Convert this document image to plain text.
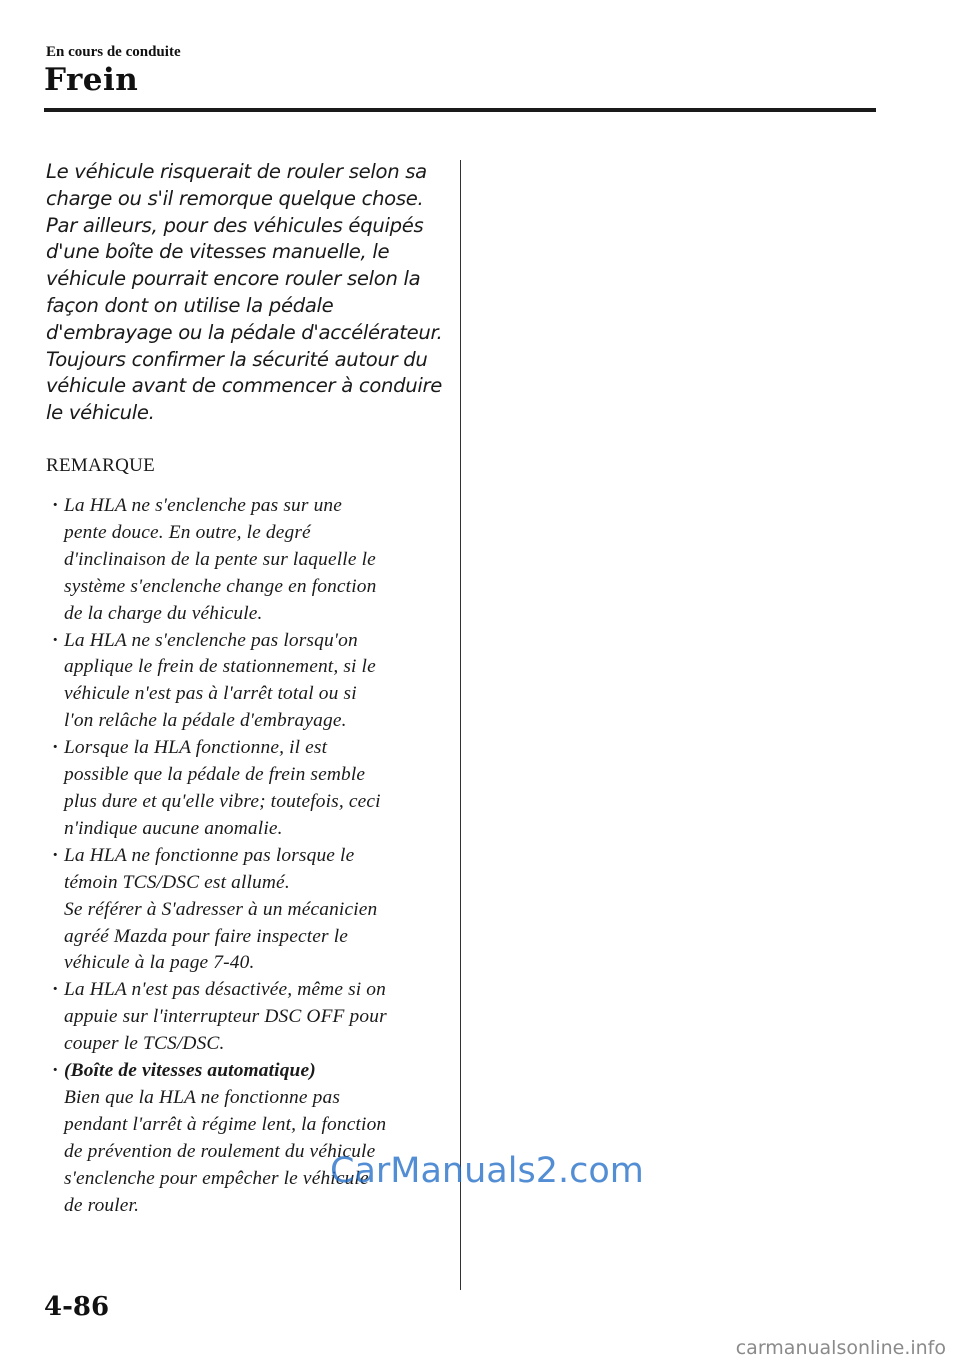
En cours de conduite
Frein

Le véhicule risquerait de rouler selon sa charge ou s'il remorque quelque chose. Par ailleurs, pour des véhicules équipés d'une boîte de vitesses manuelle, le véhicule pourrait encore rouler selon la façon dont on utilise la pédale d'embrayage ou la pédale d'accélérateur.

Toujours confirmer la sécurité autour du véhicule avant de commencer à conduire le véhicule.

REMARQUE
· La HLA ne s'enclenche pas sur une
pente douce. En outre, le degré
d'inclinaison de la pente sur laquelle le
système s'enclenche change en fonction
de la charge du véhicule.
· La HLA ne s'enclenche pas lorsqu'on
applique le frein de stationnement, si le
véhicule n'est pas à l'arrêt total ou si
l'on relâche la pédale d'embrayage.
· Lorsque la HLA fonctionne, il est
possible que la pédale de frein semble
plus dure et qu'elle vibre; toutefois, ceci
n'indique aucune anomalie.
· La HLA ne fonctionne pas lorsque le
témoin TCS/DSC est allumé.
Se référer à S'adresser à un mécanicien
agréé Mazda pour faire inspecter le
véhicule à la page 7-40.
· La HLA n'est pas désactivée, même si on
appuie sur l'interrupteur DSC OFF pour
couper le TCS/DSC.
· (Boîte de vitesses automatique)
Bien que la HLA ne fonctionne pas
pendant l'arrêt à régime lent, la fonction
de prévention de roulement du véhicule
s'enclenche pour empêcher le véhicule
de rouler.
CarManuals2.com
4-86
carmanualsonline.info
